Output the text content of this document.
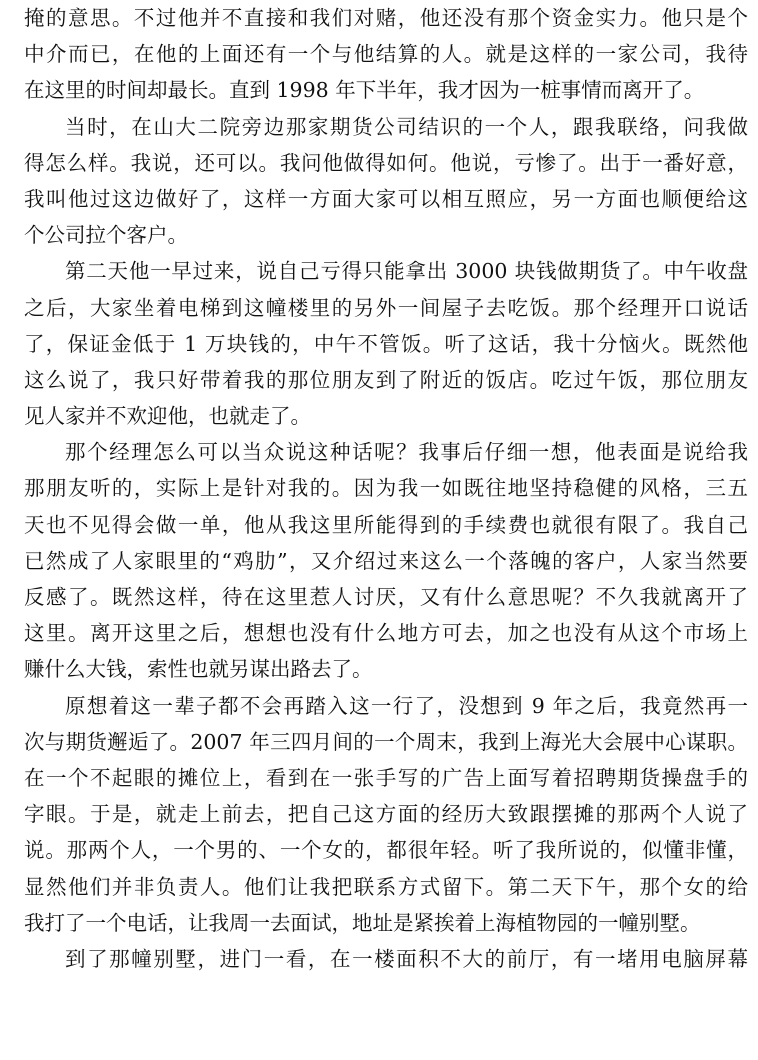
掩的意思。不过他并不直接和我们对赌，他还没有那个资金实力。他只是个
中介而已，在他的上面还有一个与他结算的人。就是这样的一家公司，我待
在这里的时间却最长。直到 1998 年下半年，我才因为一桩事情而离开了。
当时，在山大二院旁边那家期货公司结识的一个人，跟我联络，问我做
得怎么样。我说，还可以。我问他做得如何。他说，亏惨了。出于一番好意，
我叫他过这边做好了，这样一方面大家可以相互照应，另一方面也顺便给这
个公司拉个客户。
第二天他一早过来，说自己亏得只能拿出 3000 块钱做期货了。中午收盘
之后，大家坐着电梯到这幢楼里的另外一间屋子去吃饭。那个经理开口说话
了，保证金低于 1 万块钱的，中午不管饭。听了这话，我十分恼火。既然他
这么说了，我只好带着我的那位朋友到了附近的饭店。吃过午饭，那位朋友
见人家并不欢迎他，也就走了。
那个经理怎么可以当众说这种话呢？我事后仔细一想，他表面是说给我
那朋友听的，实际上是针对我的。因为我一如既往地坚持稳健的风格，三五
天也不见得会做一单，他从我这里所能得到的手续费也就很有限了。我自己
已然成了人家眼里的“鸡肋”，又介绍过来这么一个落魄的客户，人家当然要
反感了。既然这样，待在这里惹人讨厌，又有什么意思呢？不久我就离开了
这里。离开这里之后，想想也没有什么地方可去，加之也没有从这个市场上
赚什么大钱，索性也就另谋出路去了。
原想着这一辈子都不会再踏入这一行了，没想到 9 年之后，我竟然再一
次与期货邂逅了。2007 年三四月间的一个周末，我到上海光大会展中心谋职。
在一个不起眼的摊位上，看到在一张手写的广告上面写着招聘期货操盘手的
字眼。于是，就走上前去，把自己这方面的经历大致跟摆摊的那两个人说了
说。那两个人，一个男的、一个女的，都很年轻。听了我所说的，似懂非懂，
显然他们并非负责人。他们让我把联系方式留下。第二天下午，那个女的给
我打了一个电话，让我周一去面试，地址是紧挨着上海植物园的一幢别墅。
到了那幢别墅，进门一看，在一楼面积不大的前厅，有一堵用电脑屏幕
